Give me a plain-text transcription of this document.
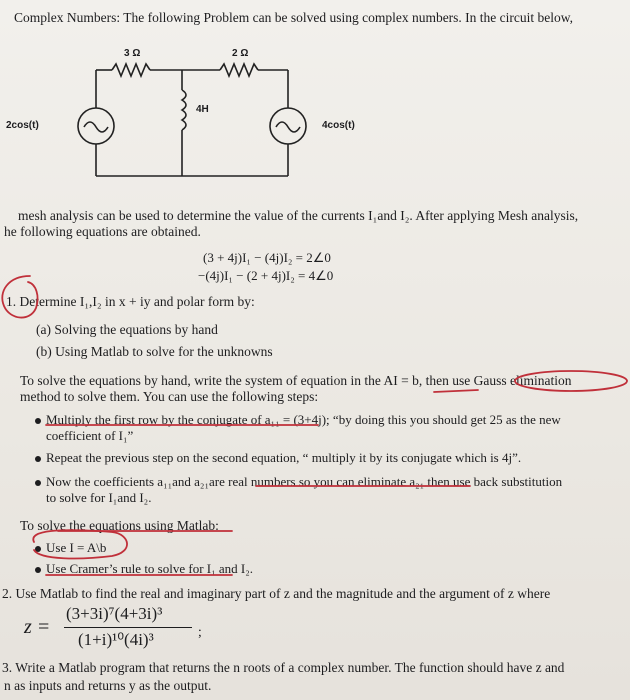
Complex Numbers: The following Problem can be solved using complex numbers. In the circuit below,
3 Ω	2 Ω
4H
2cos(t)	4cos(t)
mesh analysis can be used to determine the value of the currents I₁and I₂. After applying Mesh analysis,
he following equations are obtained.
(3 + 4j)I₁ − (4j)I₂ = 2∠0
−(4j)I₁ − (2 + 4j)I₂ = 4∠0
1. Determine I₁,I₂ in x + iy and polar form by:
(a) Solving the equations by hand
(b) Using Matlab to solve for the unknowns
To solve the equations by hand, write the system of equation in the AI = b, then use Gauss elimination
method to solve them. You can use the following steps:
Multiply the first row by the conjugate of a₁₁ = (3+4j); “by doing this you should get 25 as the new
coefficient of I₁”
Repeat the previous step on the second equation, “ multiply it by its conjugate which is 4j”.
Now the coefficients a₁₁and a₂₁are real numbers so you can eliminate a₂₁ then use back substitution
to solve for I₁and I₂.
To solve the equations using Matlab:
Use I = A\b
Use Cramer’s rule to solve for I₁ and I₂.
2. Use Matlab to find the real and imaginary part of z and the magnitude and the argument of z where
z =
(3+3i)⁷(4+3i)³
(1+i)¹⁰(4i)³	;
3. Write a Matlab program that returns the n roots of a complex number. The function should have z and
n as inputs and returns y as the output.
